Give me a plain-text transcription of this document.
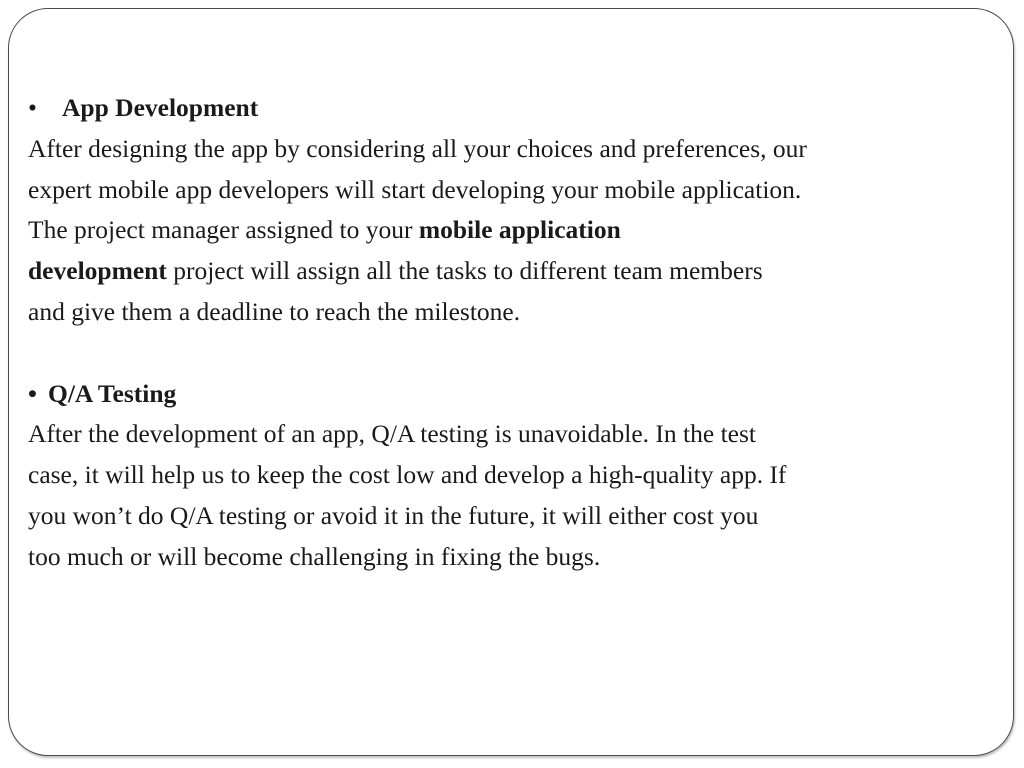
• App Development
After designing the app by considering all your choices and preferences, our
expert mobile app developers will start developing your mobile application.
The project manager assigned to your mobile application
development project will assign all the tasks to different team members
and give them a deadline to reach the milestone.
• Q/A Testing
After the development of an app, Q/A testing is unavoidable. In the test
case, it will help us to keep the cost low and develop a high-quality app. If
you won’t do Q/A testing or avoid it in the future, it will either cost you
too much or will become challenging in fixing the bugs.
